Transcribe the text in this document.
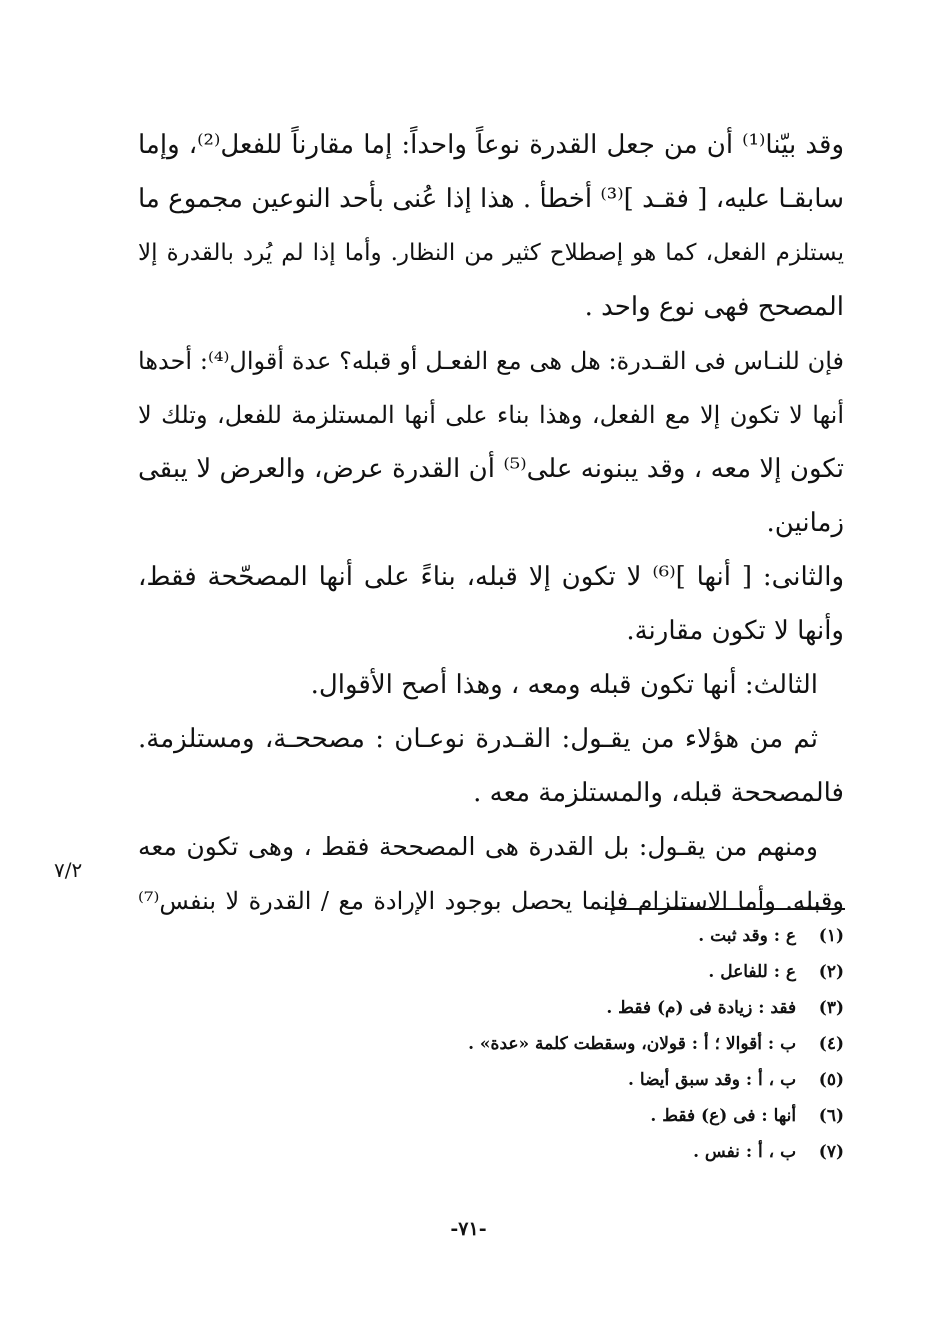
وقد بيّنا⁽¹⁾ أن من جعل القدرة نوعاً واحداً: إما مقارناً للفعل⁽²⁾، وإما
سابقـا عليه، [ فقـد ]⁽³⁾ أخطأ . هذا إذا عُنى بأحد النوعين مجموع ما
يستلزم الفعل، كما هو إصطلاح كثير من النظار. وأما إذا لم يُرد بالقدرة إلا
المصحح فهى نوع واحد .
فإن للنـاس فى القـدرة: هل هى مع الفعـل أو قبله؟ عدة أقوال⁽⁴⁾: أحدها
أنها لا تكون إلا مع الفعل، وهذا بناء على أنها المستلزمة للفعل، وتلك لا
تكون إلا معه ، وقد يبنونه على⁽⁵⁾ أن القدرة عرض، والعرض لا يبقى
زمانين.
والثانى: [ أنها ]⁽⁶⁾ لا تكون إلا قبله، بناءً على أنها المصحّحة فقط،
وأنها لا تكون مقارنة.
الثالث: أنها تكون قبله ومعه ، وهذا أصح الأقوال.
ثم من هؤلاء من يقـول: القـدرة نوعـان : مصححـة، ومستلزمة.
فالمصححة قبله، والمستلزمة معه .
ومنهم من يقـول: بل القدرة هى المصححة فقط ، وهى تكون معه
وقبله. وأما الاستلزام فإنما يحصل بوجود الإرادة مع / القدرة لا بنفس⁽⁷⁾
٧/٢
(١) ع : وقد ثبت .
(٢) ع : للفاعل .
(٣) فقد : زيادة فى (م) فقط .
(٤) ب : أقوالا ؛ أ : قولان، وسقطت كلمة «عدة» .
(٥) ب ، أ : وقد سبق أيضا .
(٦) أنها : فى (ع) فقط .
(٧) ب ، أ : نفس .
-٧١-
